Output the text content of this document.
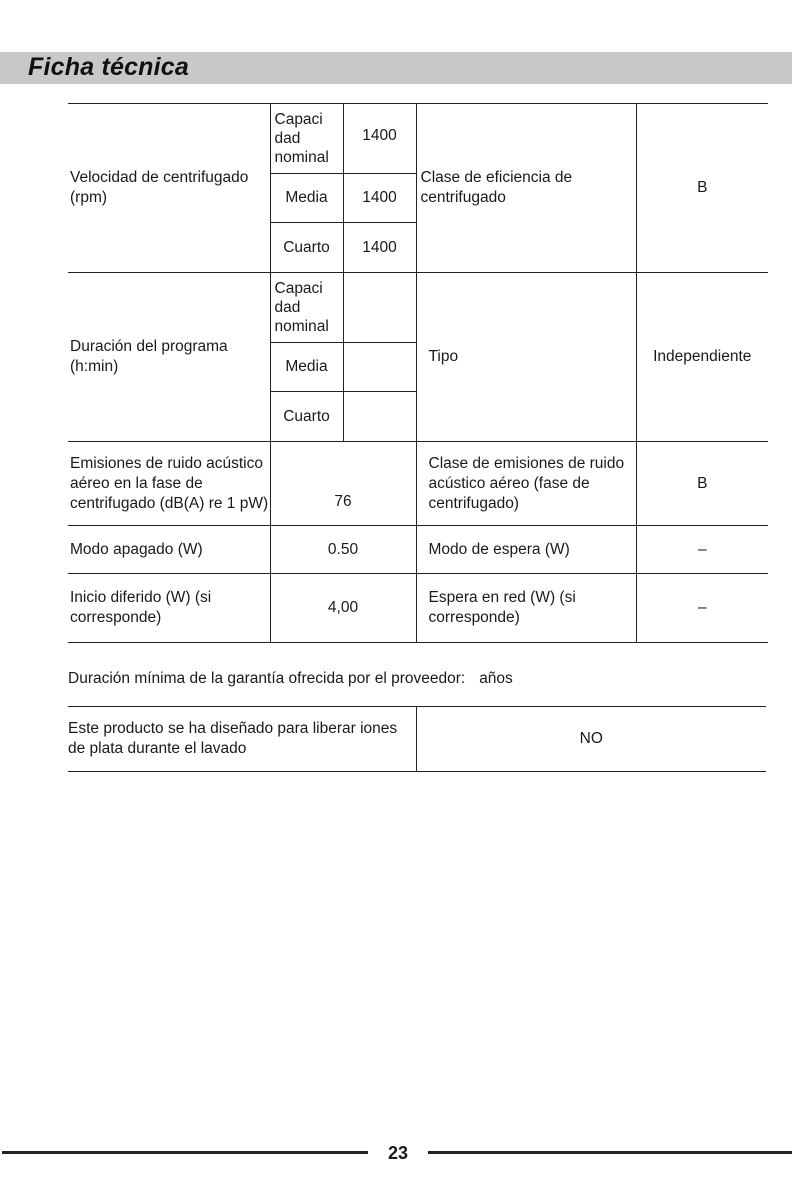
Ficha técnica
Velocidad de centrifugado (rpm)	Capaci dad nominal	1400	Clase de eficiencia de centrifugado	B
	Media	1400		
	Cuarto	1400		
Duración del programa (h:min)	Capaci dad nominal		Tipo	Independiente
	Media			
	Cuarto			
Emisiones de ruido acústico aéreo en la fase de centrifugado (dB(A) re 1 pW)	76		Clase de emisiones de ruido acústico aéreo (fase de centrifugado)	B
Modo apagado (W)	0.50		Modo de espera (W)	–
Inicio diferido (W) (si corresponde)	4,00		Espera en red (W) (si corresponde)	–
Duración mínima de la garantía ofrecida por el proveedor: años
Este producto se ha diseñado para liberar iones de plata durante el lavado	NO
23
